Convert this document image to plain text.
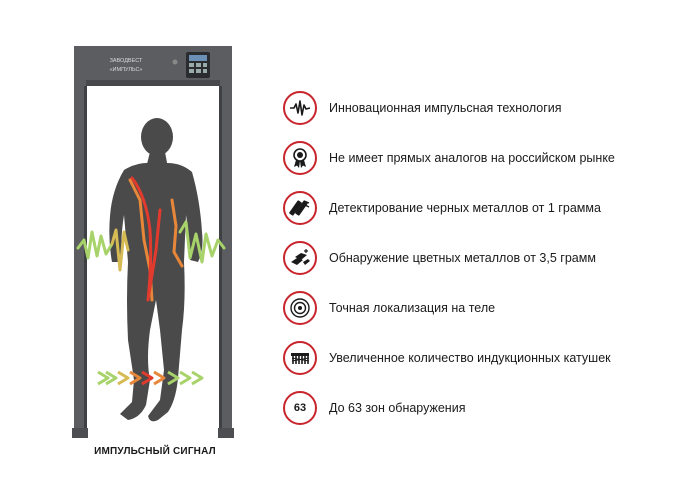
ЗАВОДВЕСТ
«ИМПУЛЬС»
ИМПУЛЬСНЫЙ СИГНАЛ
Инновационная импульсная технология
Не имеет прямых аналогов на российском рынке
Детектирование черных металлов от 1 грамма
Обнаружение цветных металлов от 3,5 грамм
Точная локализация на теле
Увеличенное количество индукционных катушек
63 До 63 зон обнаружения
